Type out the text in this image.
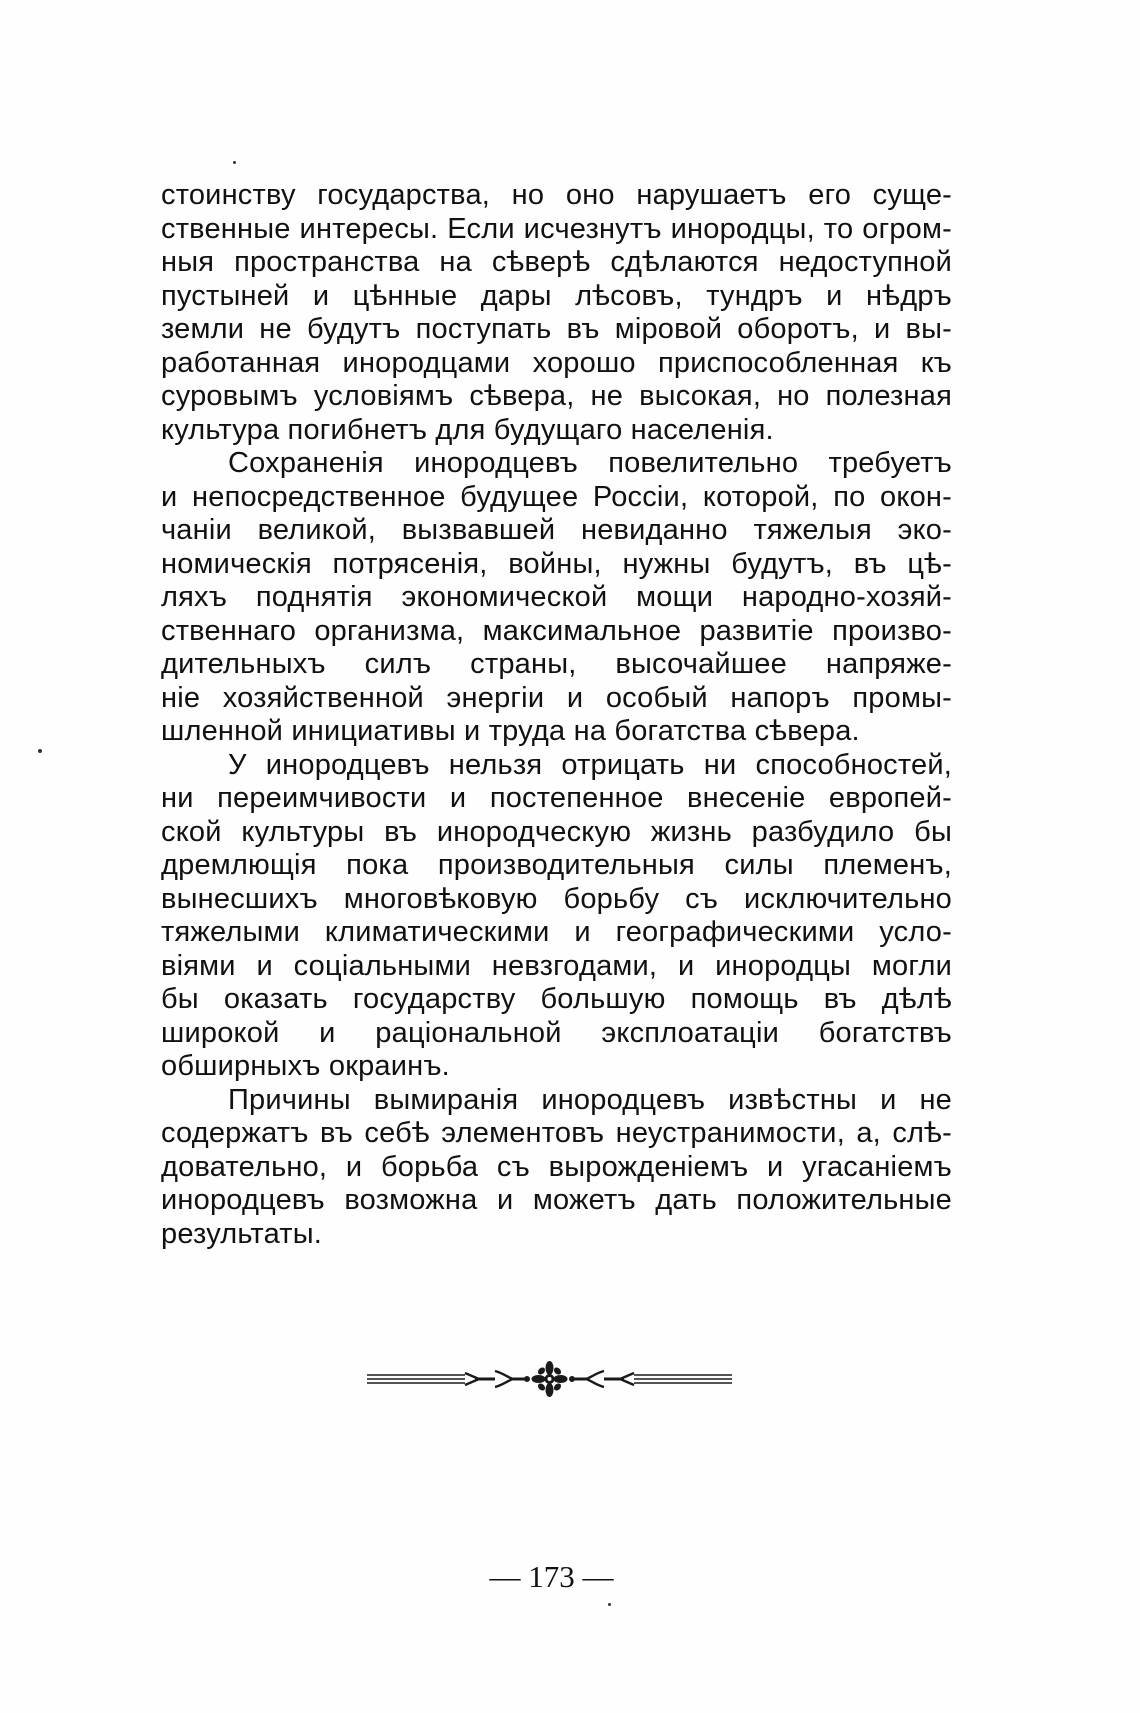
стоинству государства, но оно нарушаетъ его суще-
ственные интересы. Если исчезнутъ инородцы, то огром-
ныя пространства на сѣверѣ сдѣлаются недоступной
пустыней и цѣнные дары лѣсовъ, тундръ и нѣдръ
земли не будутъ поступать въ мiровой оборотъ, и вы-
работанная инородцами хорошо приспособленная къ
суровымъ условiямъ сѣвера, не высокая, но полезная
культура погибнетъ для будущаго населенiя.
Сохраненiя инородцевъ повелительно требуетъ
и непосредственное будущее Россiи, которой, по окон-
чанiи великой, вызвавшей невиданно тяжелыя эко-
номическiя потрясенiя, войны, нужны будутъ, въ цѣ-
ляхъ поднятiя экономической мощи народно-хозяй-
ственнаго организма, максимальное развитiе произво-
дительныхъ силъ страны, высочайшее напряже-
нiе хозяйственной энергiи и особый напоръ промы-
шленной инициативы и труда на богатства сѣвера.
У инородцевъ нельзя отрицать ни способностей,
ни переимчивости и постепенное внесенiе европей-
ской культуры въ инородческую жизнь разбудило бы
дремлющiя пока производительныя силы племенъ,
вынесшихъ многовѣковую борьбу съ исключительно
тяжелыми климатическими и географическими усло-
вiями и соцiальными невзгодами, и инородцы могли
бы оказать государству большую помощь въ дѣлѣ
широкой и рацiональной эксплоатацiи богатствъ
обширныхъ окраинъ.
Причины вымиранiя инородцевъ извѣстны и не
содержатъ въ себѣ элементовъ неустранимости, а, слѣ-
довательно, и борьба съ вырожденiемъ и угасанiемъ
инородцевъ возможна и можетъ дать положительные
результаты.
— 173 —
